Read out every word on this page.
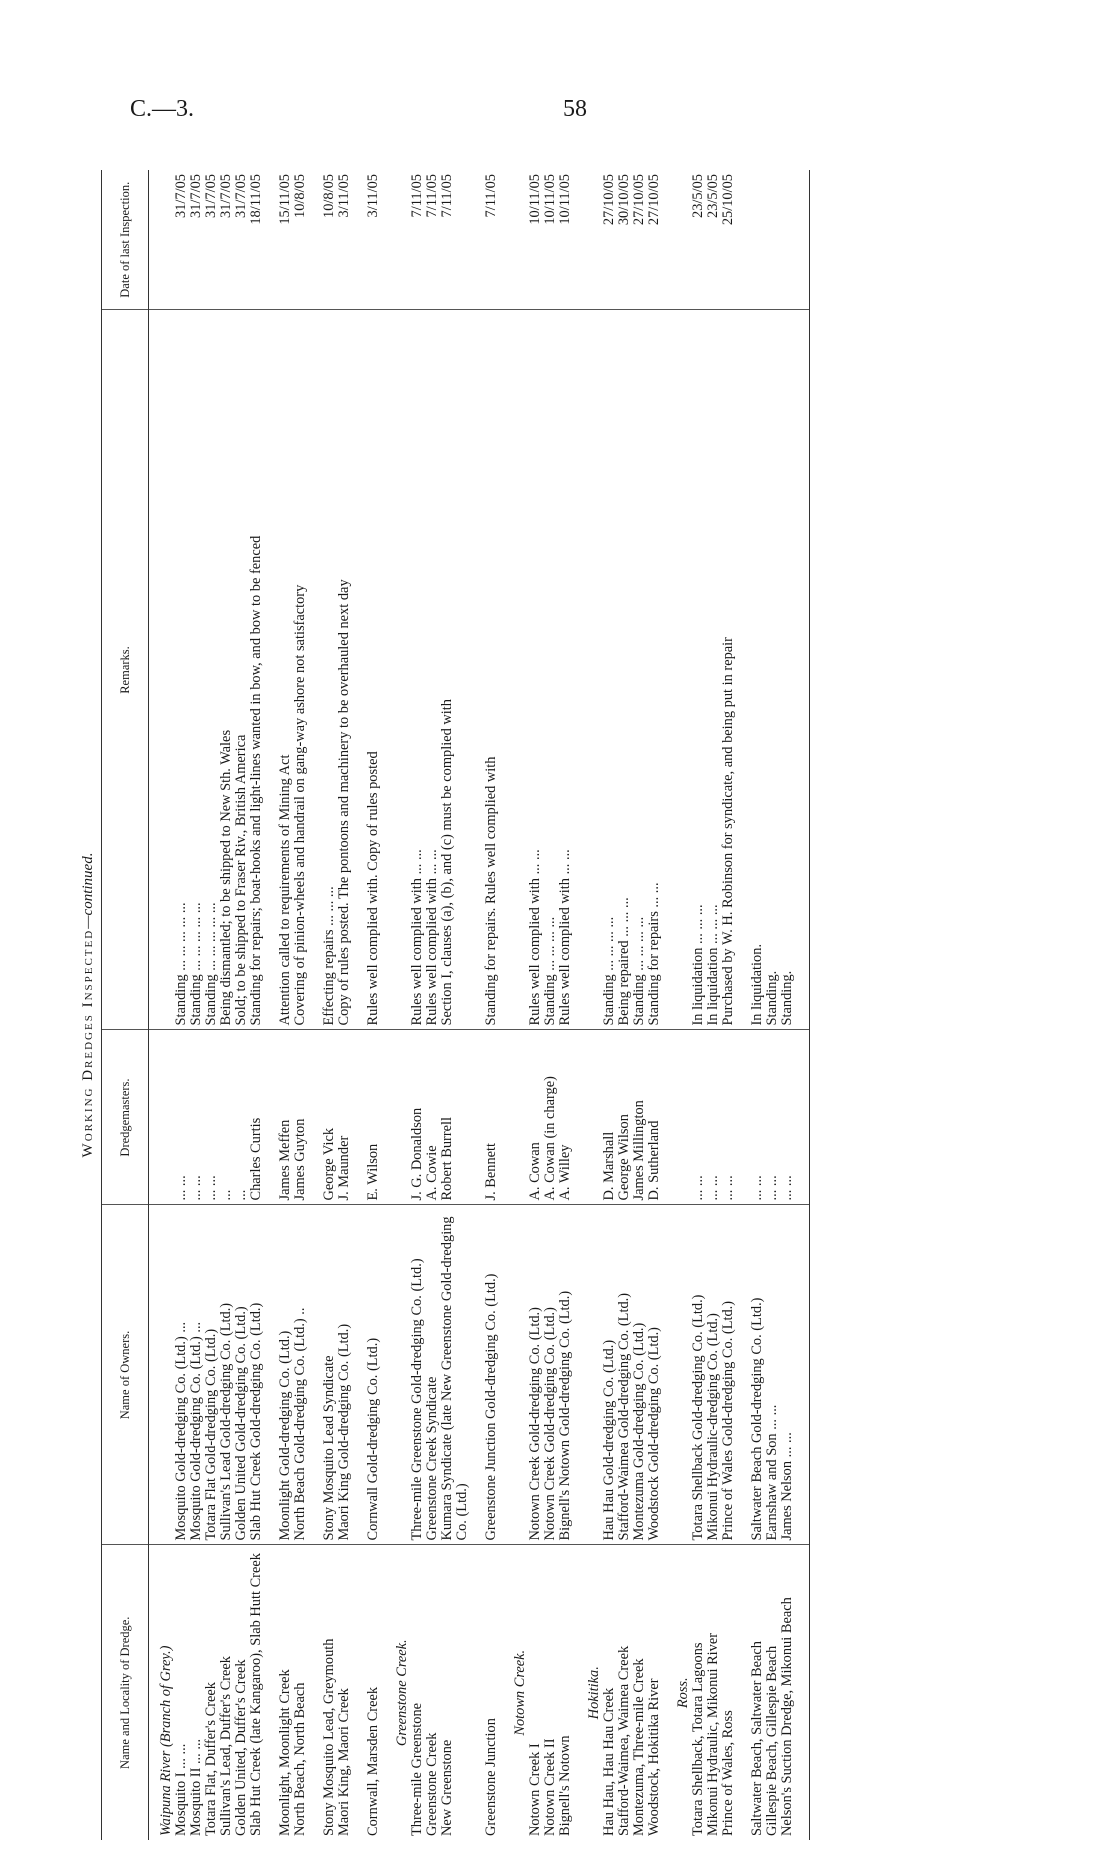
C.—3.	58
Working Dredges Inspected—continued.
Name and Locality of Dredge.	Name of Owners.	Dredgemasters.	Remarks.	Date of last Inspection.
Waipuna River (Branch of Grey.)				
Mosquito I ... ...	Mosquito Gold-dredging Co. (Ltd.) ...	... ...	Standing ... ... ... ... ...	31/7/05
Mosquito II ... ...	Mosquito Gold-dredging Co. (Ltd.) ...	... ...	Standing ... ... ... ... ...	31/7/05
Totara Flat, Duffer's Creek	Totara Flat Gold-dredging Co. (Ltd.)	... ...	Standing ... ... ... ... ...	31/7/05
Sullivan's Lead, Duffer's Creek	Sullivan's Lead Gold-dredging Co. (Ltd.)	...	Being dismantled; to be shipped to New Sth. Wales	31/7/05
Golden United, Duffer's Creek	Golden United Gold-dredging Co. (Ltd.)	...	Sold; to be shipped to Fraser Riv., British America	31/7/05
Slab Hut Creek (late Kangaroo), Slab Hutt Creek	Slab Hut Creek Gold-dredging Co. (Ltd.)	Charles Curtis	Standing for repairs; boat-hooks and light-lines wanted in bow, and bow to be fenced	18/11/05
Moonlight, Moonlight Creek	Moonlight Gold-dredging Co. (Ltd.)	James Meffen	Attention called to requirements of Mining Act	15/11/05
North Beach, North Beach	North Beach Gold-dredging Co. (Ltd.) ..	James Guyton	Covering of pinion-wheels and handrail on gang-way ashore not satisfactory	10/8/05
Stony Mosquito Lead, Greymouth	Stony Mosquito Lead Syndicate	George Vick	Effecting repairs ... ... ...	10/8/05
Maori King, Maori Creek	Maori King Gold-dredging Co. (Ltd.)	J. Maunder	Copy of rules posted. The pontoons and machinery to be overhauled next day	3/11/05
Cornwall, Marsden Creek	Cornwall Gold-dredging Co. (Ltd.)	E. Wilson	Rules well complied with. Copy of rules posted	3/11/05
Greenstone Creek.				
Three-mile Greenstone	Three-mile Greenstone Gold-dredging Co. (Ltd.)	J. G. Donaldson	Rules well complied with ... ...	7/11/05
Greenstone Creek	Greenstone Creek Syndicate	A. Cowie	Rules well complied with ... ...	7/11/05
New Greenstone	Kumara Syndicate (late New Greenstone Gold-dredging Co. (Ltd.)	Robert Burrell	Section I, clauses (a), (b), and (c) must be complied with	7/11/05
Greenstone Junction	Greenstone Junction Gold-dredging Co. (Ltd.)	J. Bennett	Standing for repairs. Rules well complied with	7/11/05
Notown Creek.				
Notown Creek I	Notown Creek Gold-dredging Co. (Ltd.)	A. Cowan	Rules well complied with ... ...	10/11/05
Notown Creek II	Notown Creek Gold-dredging Co. (Ltd.)	A. Cowan (in charge)	Standing ... ... ... ...	10/11/05
Bignell's Notown	Bignell's Notown Gold-dredging Co. (Ltd.)	A. Willey	Rules well complied with ... ...	10/11/05
Hokitika.				
Hau Hau, Hau Hau Creek	Hau Hau Gold-dredging Co. (Ltd.)	D. Marshall	Standing ... ... ... ...	27/10/05
Stafford-Waimea, Waimea Creek	Stafford-Waimea Gold-dredging Co. (Ltd.)	George Wilson	Being repaired ... ... ...	30/10/05
Montezuma, Three-mile Creek	Montezuma Gold-dredging Co. (Ltd.)	James Millington	Standing ... ... ... ...	27/10/05
Woodstock, Hokitika River	Woodstock Gold-dredging Co. (Ltd.)	D. Sutherland	Standing for repairs ... ...	27/10/05
Ross.				
Totara Shellback, Totara Lagoons	Totara Shellback Gold-dredging Co. (Ltd.)	... ...	In liquidation ... ... ...	23/5/05
Mikonui Hydraulic, Mikonui River	Mikonui Hydraulic-dredging Co. (Ltd.)	... ...	In liquidation ... ... ...	23/5/05
Prince of Wales, Ross	Prince of Wales Gold-dredging Co. (Ltd.)	... ...	Purchased by W. H. Robinson for syndicate, and being put in repair	25/10/05
Saltwater Beach, Saltwater Beach	Saltwater Beach Gold-dredging Co. (Ltd.)	... ...	In liquidation.	
Gillespie Beach, Gillespie Beach	Earnshaw and Son ... ...	... ...	Standing.	
Nelson's Suction Dredge, Mikonui Beach	James Nelson ... ...	... ...	Standing.	
